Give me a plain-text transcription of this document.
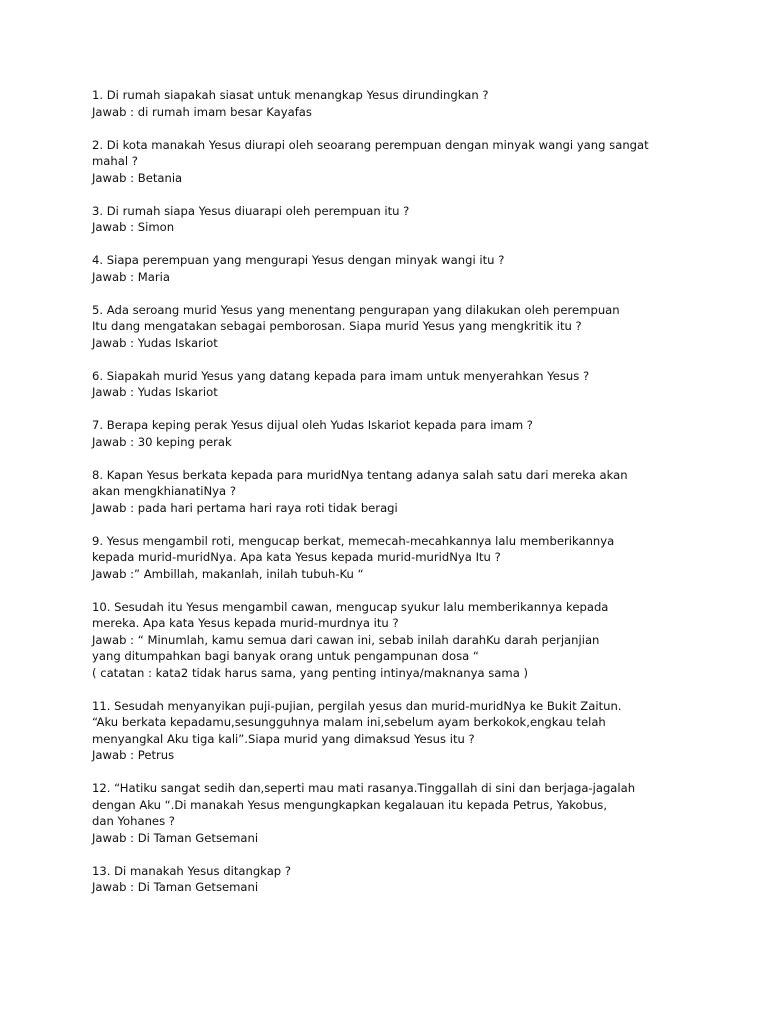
1. Di rumah siapakah siasat untuk menangkap Yesus dirundingkan ?
Jawab : di rumah imam besar Kayafas
2. Di kota manakah Yesus diurapi oleh seoarang perempuan dengan minyak wangi yang sangat
mahal ?
Jawab : Betania
3. Di rumah siapa Yesus diuarapi oleh perempuan itu ?
Jawab : Simon
4. Siapa perempuan yang mengurapi Yesus dengan minyak wangi itu ?
Jawab : Maria
5. Ada seroang murid Yesus yang menentang pengurapan yang dilakukan oleh perempuan
Itu dang mengatakan sebagai pemborosan. Siapa murid Yesus yang mengkritik itu ?
Jawab : Yudas Iskariot
6. Siapakah murid Yesus yang datang kepada para imam untuk menyerahkan Yesus ?
Jawab : Yudas Iskariot
7. Berapa keping perak Yesus dijual oleh Yudas Iskariot kepada para imam ?
Jawab : 30 keping perak
8. Kapan Yesus berkata kepada para muridNya tentang adanya salah satu dari mereka akan
akan mengkhianatiNya ?
Jawab : pada hari pertama hari raya roti tidak beragi
9. Yesus mengambil roti, mengucap berkat, memecah-mecahkannya lalu memberikannya
kepada murid-muridNya. Apa kata Yesus kepada murid-muridNya Itu ?
Jawab :” Ambillah, makanlah, inilah tubuh-Ku “
10. Sesudah itu Yesus mengambil cawan, mengucap syukur lalu memberikannya kepada
mereka. Apa kata Yesus kepada murid-murdnya itu ?
Jawab : “ Minumlah, kamu semua dari cawan ini, sebab inilah darahKu darah perjanjian
yang ditumpahkan bagi banyak orang untuk pengampunan dosa “
( catatan : kata2 tidak harus sama, yang penting intinya/maknanya sama )
11. Sesudah menyanyikan puji-pujian, pergilah yesus dan murid-muridNya ke Bukit Zaitun.
“Aku berkata kepadamu,sesungguhnya malam ini,sebelum ayam berkokok,engkau telah
menyangkal Aku tiga kali”.Siapa murid yang dimaksud Yesus itu ?
Jawab : Petrus
12. “Hatiku sangat sedih dan,seperti mau mati rasanya.Tinggallah di sini dan berjaga-jagalah
dengan Aku “.Di manakah Yesus mengungkapkan kegalauan itu kepada Petrus, Yakobus,
dan Yohanes ?
Jawab : Di Taman Getsemani
13. Di manakah Yesus ditangkap ?
Jawab : Di Taman Getsemani
